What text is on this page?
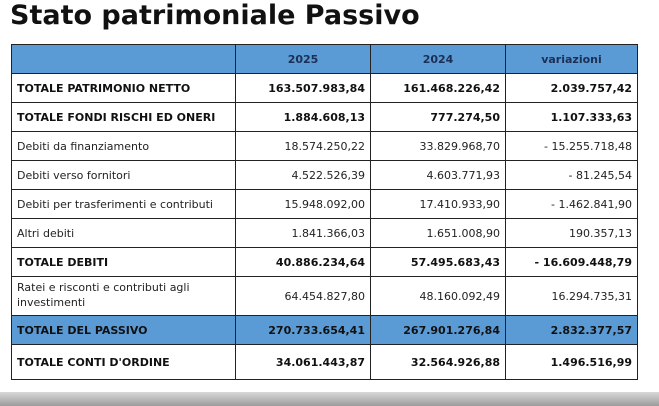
Stato patrimoniale Passivo
	2025	2024	variazioni
TOTALE PATRIMONIO NETTO	163.507.983,84	161.468.226,42	2.039.757,42
TOTALE FONDI RISCHI ED ONERI	1.884.608,13	777.274,50	1.107.333,63
Debiti da finanziamento	18.574.250,22	33.829.968,70	- 15.255.718,48
Debiti verso fornitori	4.522.526,39	4.603.771,93	- 81.245,54
Debiti per trasferimenti e contributi	15.948.092,00	17.410.933,90	- 1.462.841,90
Altri debiti	1.841.366,03	1.651.008,90	190.357,13
TOTALE DEBITI	40.886.234,64	57.495.683,43	- 16.609.448,79
Ratei e risconti e contributi agli investimenti	64.454.827,80	48.160.092,49	16.294.735,31
TOTALE DEL PASSIVO	270.733.654,41	267.901.276,84	2.832.377,57
TOTALE CONTI D'ORDINE	34.061.443,87	32.564.926,88	1.496.516,99
